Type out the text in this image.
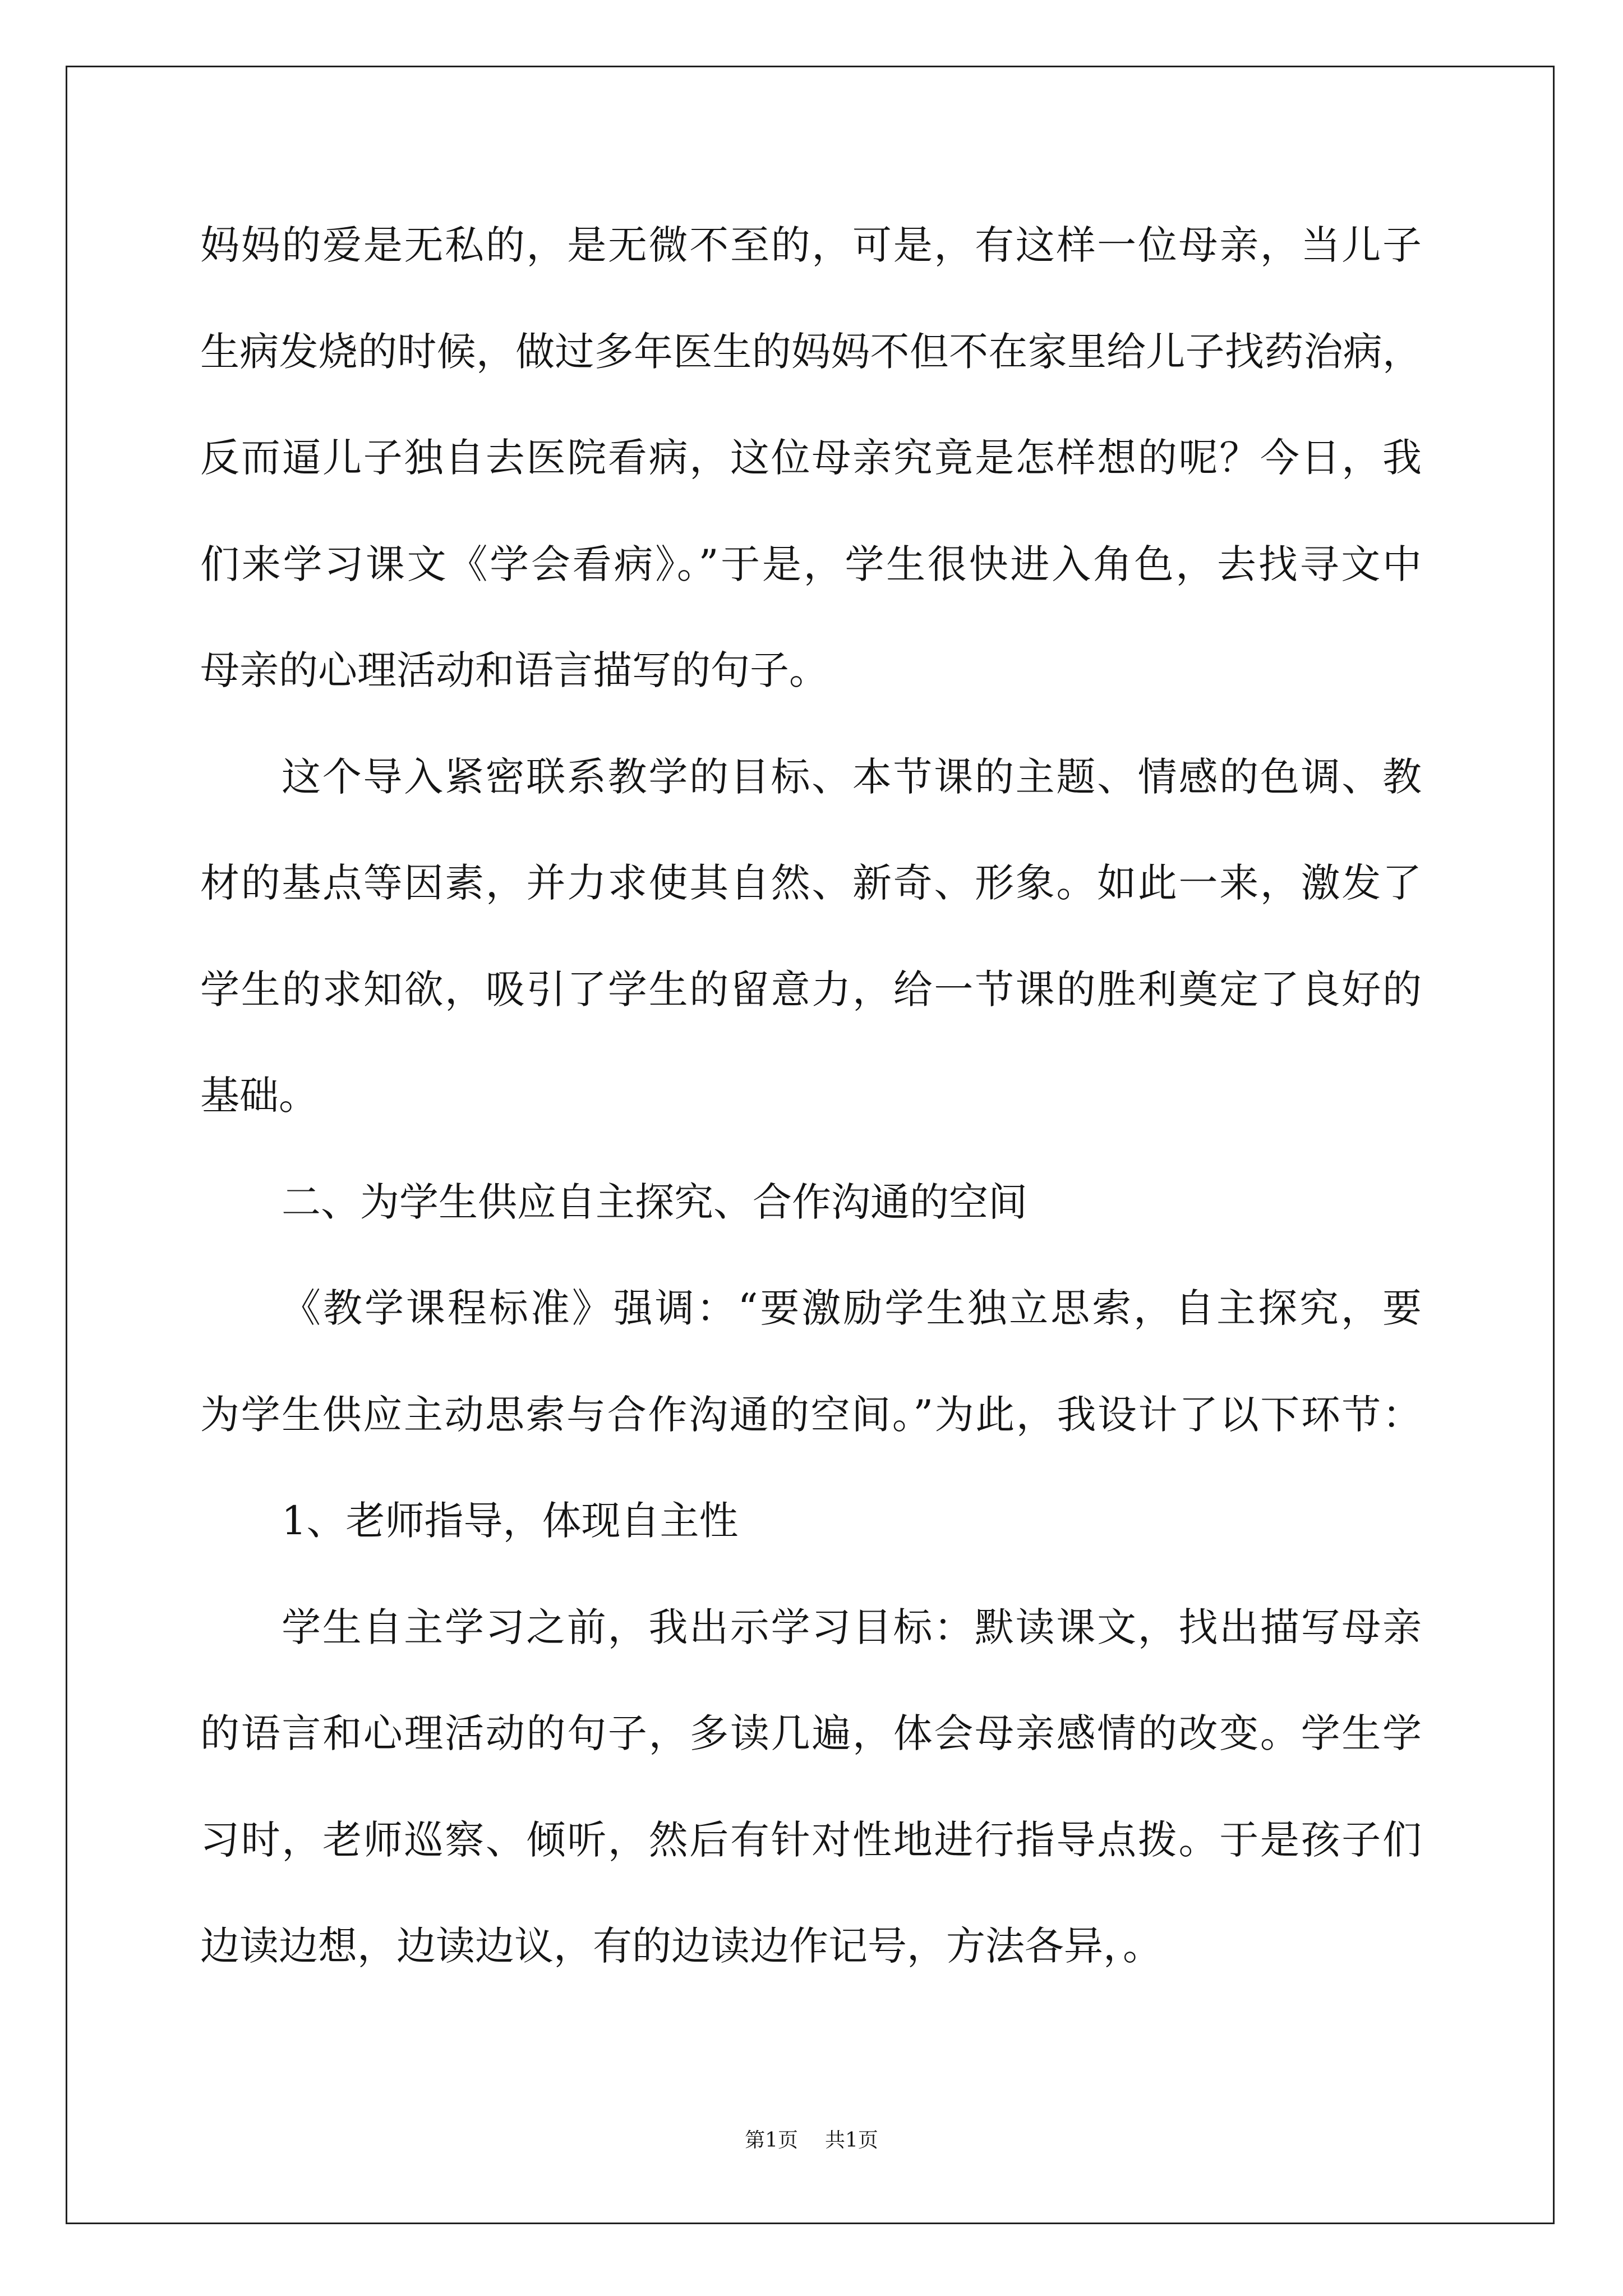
妈妈的爱是无私的，是无微不至的，可是，有这样一位母亲，当儿子
生病发烧的时候，做过多年医生的妈妈不但不在家里给儿子找药治病，
反而逼儿子独自去医院看病，这位母亲究竟是怎样想的呢？今日，我
们来学习课文《学会看病》。”于是，学生很快进入角色，去找寻文中
母亲的心理活动和语言描写的句子。
这个导入紧密联系教学的目标、本节课的主题、情感的色调、教
材的基点等因素，并力求使其自然、新奇、形象。如此一来，激发了
学生的求知欲，吸引了学生的留意力，给一节课的胜利奠定了良好的
基础。
二、为学生供应自主探究、合作沟通的空间
《教学课程标准》强调：“要激励学生独立思索，自主探究，要
为学生供应主动思索与合作沟通的空间。”为此，我设计了以下环节：
1、老师指导，体现自主性
学生自主学习之前，我出示学习目标：默读课文，找出描写母亲
的语言和心理活动的句子，多读几遍，体会母亲感情的改变。学生学
习时，老师巡察、倾听，然后有针对性地进行指导点拨。于是孩子们
边读边想，边读边议，有的边读边作记号，方法各异，。
第1页 共1页
